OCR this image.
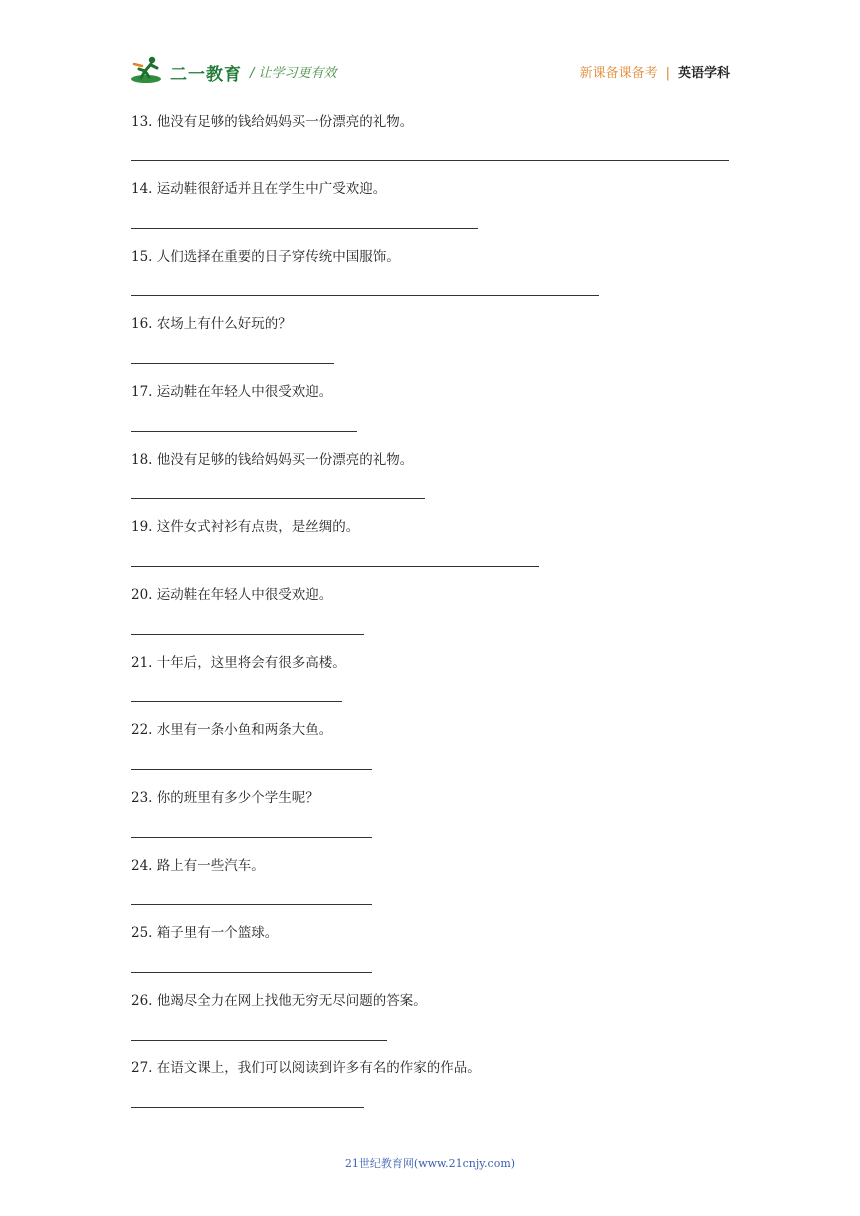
二一教育 / 让学习更有效	新课备课备考 | 英语学科
13. 他没有足够的钱给妈妈买一份漂亮的礼物。
14. 运动鞋很舒适并且在学生中广受欢迎。
15. 人们选择在重要的日子穿传统中国服饰。
16. 农场上有什么好玩的？
17. 运动鞋在年轻人中很受欢迎。
18. 他没有足够的钱给妈妈买一份漂亮的礼物。
19. 这件女式衬衫有点贵，是丝绸的。
20. 运动鞋在年轻人中很受欢迎。
21. 十年后，这里将会有很多高楼。
22. 水里有一条小鱼和两条大鱼。
23. 你的班里有多少个学生呢？
24. 路上有一些汽车。
25. 箱子里有一个篮球。
26. 他竭尽全力在网上找他无穷无尽问题的答案。
27. 在语文课上，我们可以阅读到许多有名的作家的作品。
21世纪教育网(www.21cnjy.com)
